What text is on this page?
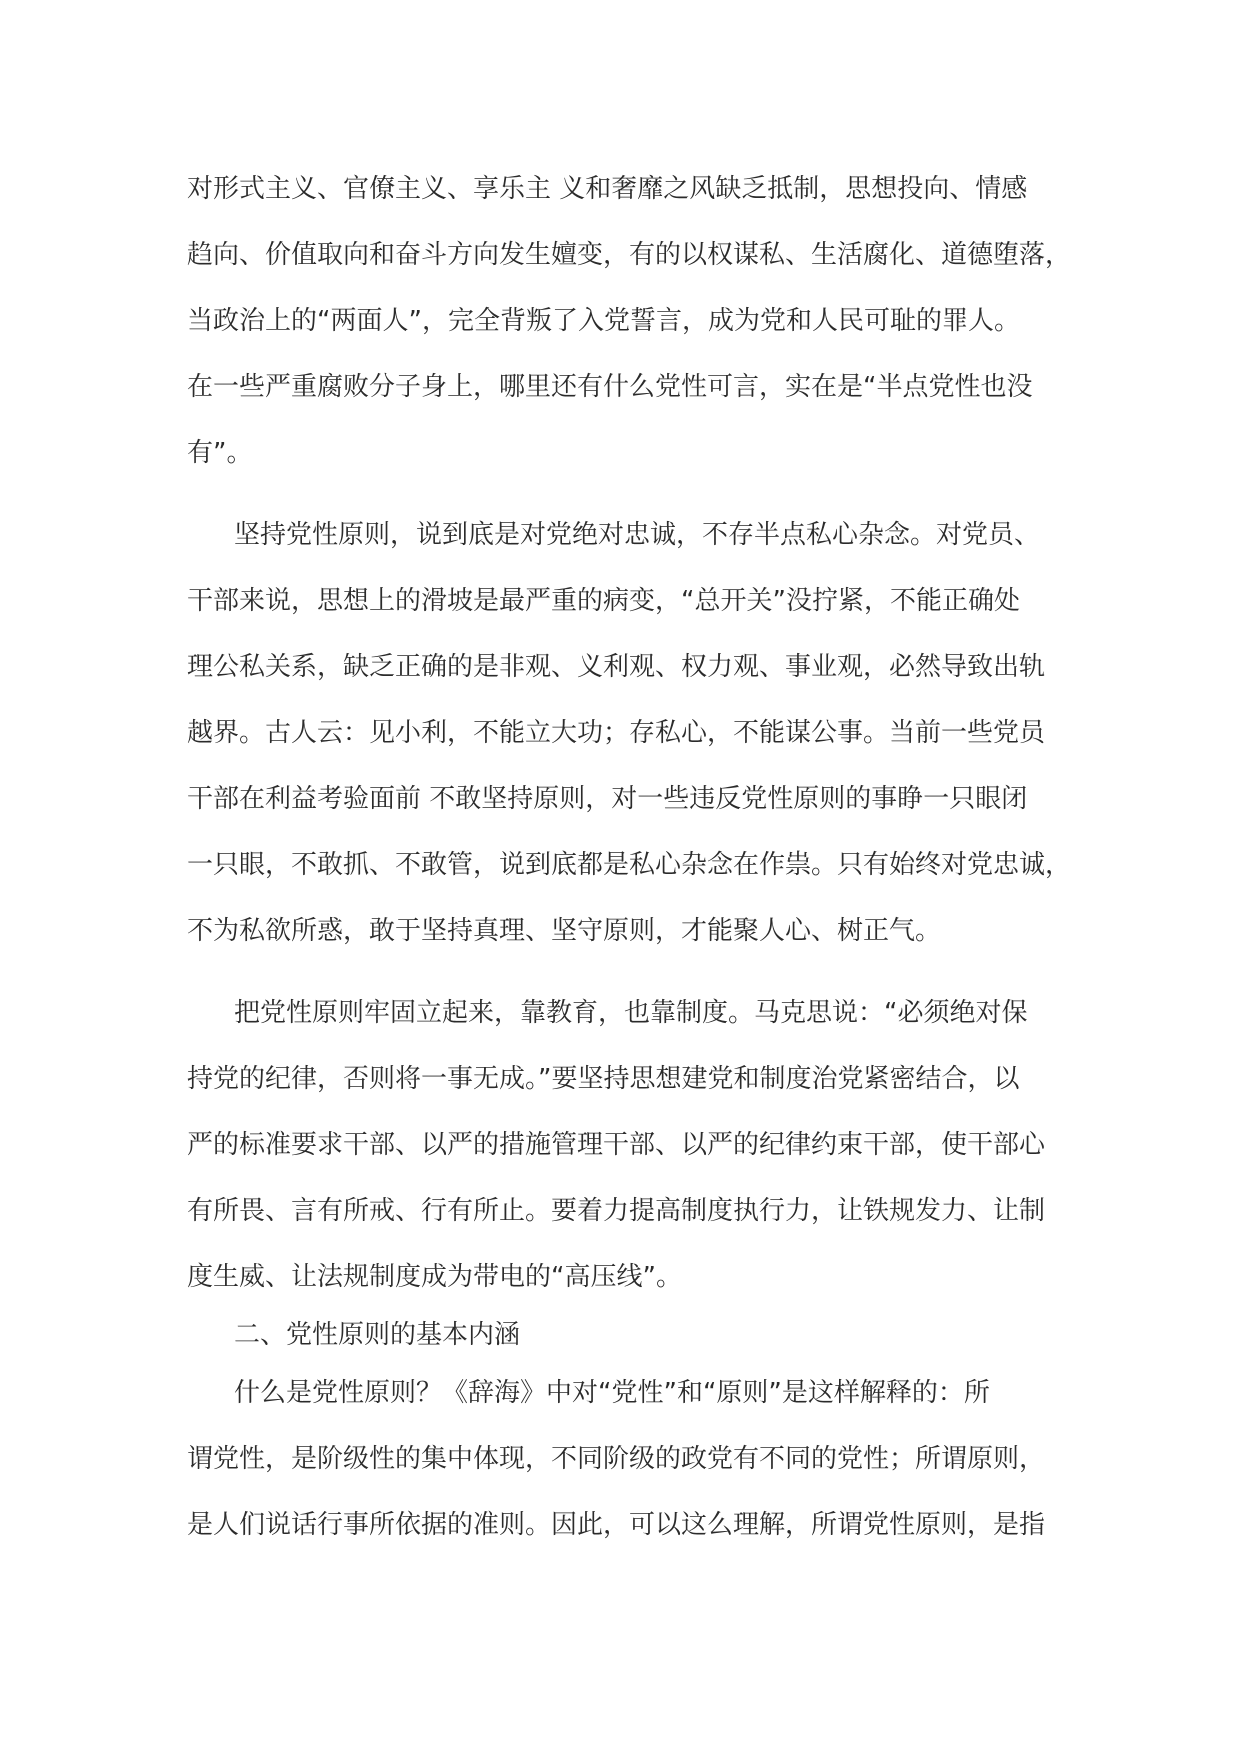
对形式主义、官僚主义、享乐主 义和奢靡之风缺乏抵制，思想投向、情感
趋向、价值取向和奋斗方向发生嬗变，有的以权谋私、生活腐化、道德堕落，
当政治上的“两面人”，完全背叛了入党誓言，成为党和人民可耻的罪人。
在一些严重腐败分子身上，哪里还有什么党性可言，实在是“半点党性也没
有”。
坚持党性原则，说到底是对党绝对忠诚，不存半点私心杂念。对党员、
干部来说，思想上的滑坡是最严重的病变，“总开关”没拧紧，不能正确处
理公私关系，缺乏正确的是非观、义利观、权力观、事业观，必然导致出轨
越界。古人云：见小利，不能立大功；存私心，不能谋公事。当前一些党员
干部在利益考验面前 不敢坚持原则，对一些违反党性原则的事睁一只眼闭
一只眼，不敢抓、不敢管，说到底都是私心杂念在作祟。只有始终对党忠诚，
不为私欲所惑，敢于坚持真理、坚守原则，才能聚人心、树正气。
把党性原则牢固立起来，靠教育，也靠制度。马克思说：“必须绝对保
持党的纪律，否则将一事无成。”要坚持思想建党和制度治党紧密结合，以
严的标准要求干部、以严的措施管理干部、以严的纪律约束干部，使干部心
有所畏、言有所戒、行有所止。要着力提高制度执行力，让铁规发力、让制
度生威、让法规制度成为带电的“高压线”。
二、党性原则的基本内涵
什么是党性原则？《辞海》中对“党性”和“原则”是这样解释的：所
谓党性，是阶级性的集中体现，不同阶级的政党有不同的党性；所谓原则，
是人们说话行事所依据的准则。因此，可以这么理解，所谓党性原则，是指
